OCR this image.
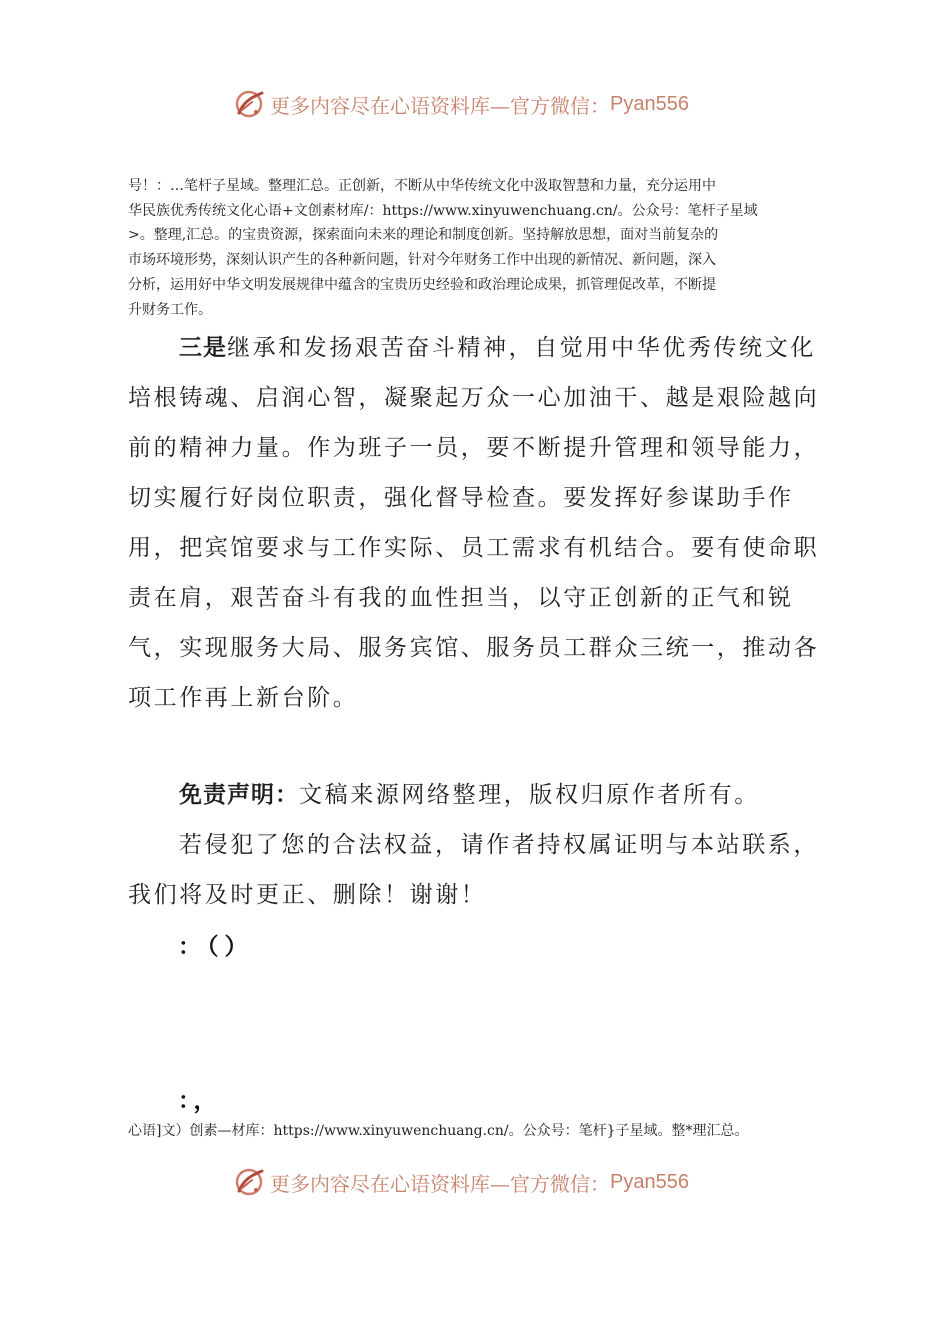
更多内容尽在心语资料库—官方微信： Pyan556

号！：…笔杆子星域。整理汇总。正创新，不断从中华传统文化中汲取智慧和力量，充分运用中

华民族优秀传统文化心语+文创素材库/：https://www.xinyuwenchuang.cn/。公众号：笔杆子星域

>。整理,汇总。的宝贵资源，探索面向未来的理论和制度创新。坚持解放思想，面对当前复杂的

市场环境形势，深刻认识产生的各种新问题，针对今年财务工作中出现的新情况、新问题，深入

分析，运用好中华文明发展规律中蕴含的宝贵历史经验和政治理论成果，抓管理促改革，不断提

升财务工作。

三是继承和发扬艰苦奋斗精神，自觉用中华优秀传统文化培根铸魂、启润心智，凝聚起万众一心加油干、越是艰险越向前的精神力量。作为班子一员，要不断提升管理和领导能力，切实履行好岗位职责，强化督导检查。要发挥好参谋助手作用，把宾馆要求与工作实际、员工需求有机结合。要有使命职责在肩，艰苦奋斗有我的血性担当，以守正创新的正气和锐气，实现服务大局、服务宾馆、服务员工群众三统一，推动各项工作再上新台阶。

免责声明：文稿来源网络整理，版权归原作者所有。

若侵犯了您的合法权益，请作者持权属证明与本站联系，我们将及时更正、删除！谢谢！

：（）
：，

心语]文）创素—材库：https://www.xinyuwenchuang.cn/。公众号：笔杆}子星域。整*理汇总。

更多内容尽在心语资料库—官方微信： Pyan556
